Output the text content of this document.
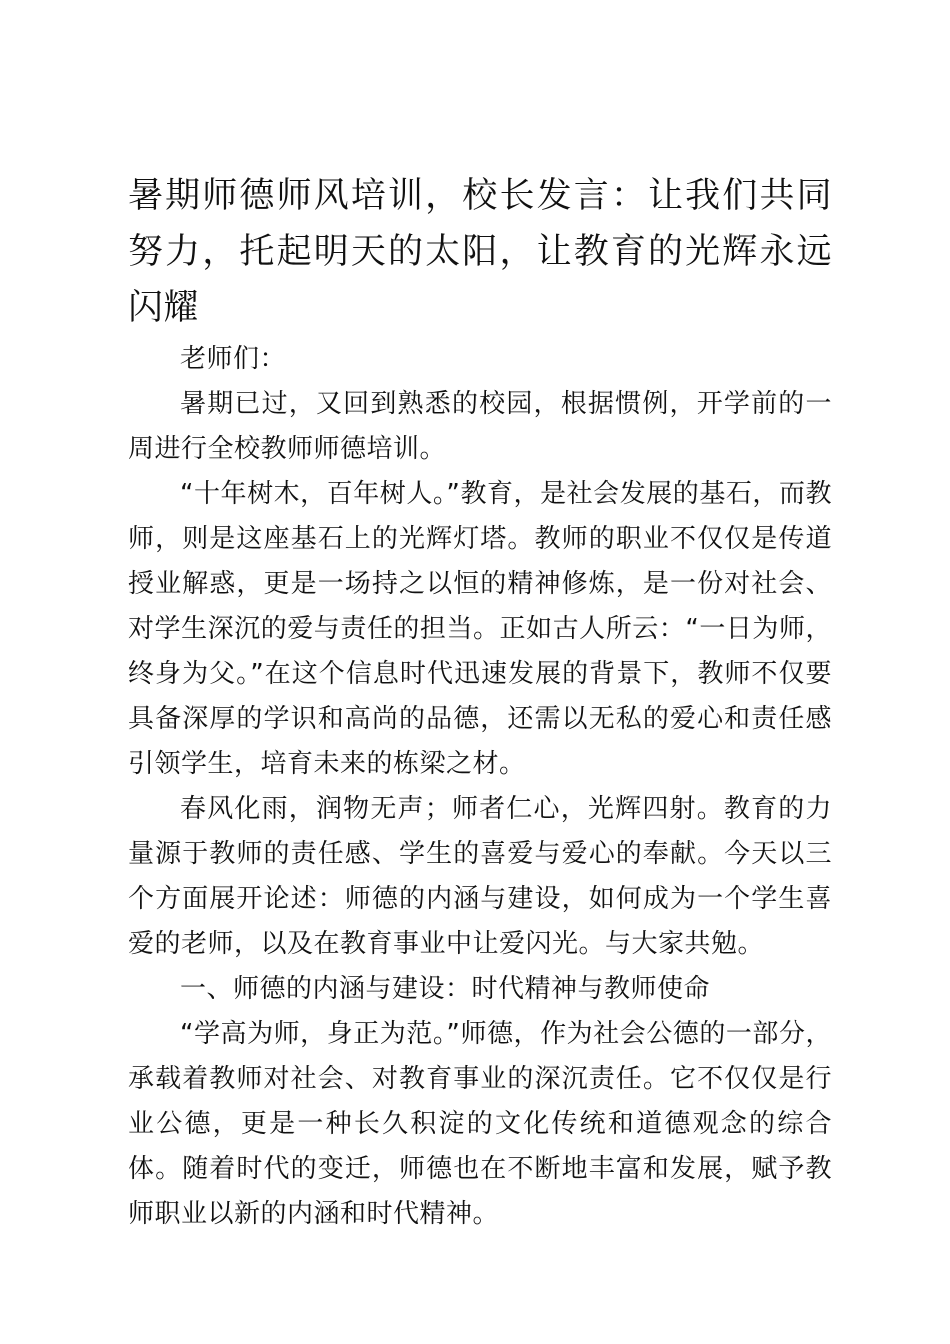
暑期师德师风培训，校长发言：让我们共同努力，托起明天的太阳，让教育的光辉永远闪耀

老师们：

暑期已过，又回到熟悉的校园，根据惯例，开学前的一周进行全校教师师德培训。

“十年树木，百年树人。”教育，是社会发展的基石，而教师，则是这座基石上的光辉灯塔。教师的职业不仅仅是传道授业解惑，更是一场持之以恒的精神修炼，是一份对社会、对学生深沉的爱与责任的担当。正如古人所云：“一日为师，终身为父。”在这个信息时代迅速发展的背景下，教师不仅要具备深厚的学识和高尚的品德，还需以无私的爱心和责任感引领学生，培育未来的栋梁之材。

春风化雨，润物无声；师者仁心，光辉四射。教育的力量源于教师的责任感、学生的喜爱与爱心的奉献。今天以三个方面展开论述：师德的内涵与建设，如何成为一个学生喜爱的老师，以及在教育事业中让爱闪光。与大家共勉。

一、师德的内涵与建设：时代精神与教师使命

“学高为师，身正为范。”师德，作为社会公德的一部分，承载着教师对社会、对教育事业的深沉责任。它不仅仅是行业公德，更是一种长久积淀的文化传统和道德观念的综合体。随着时代的变迁，师德也在不断地丰富和发展，赋予教师职业以新的内涵和时代精神。
